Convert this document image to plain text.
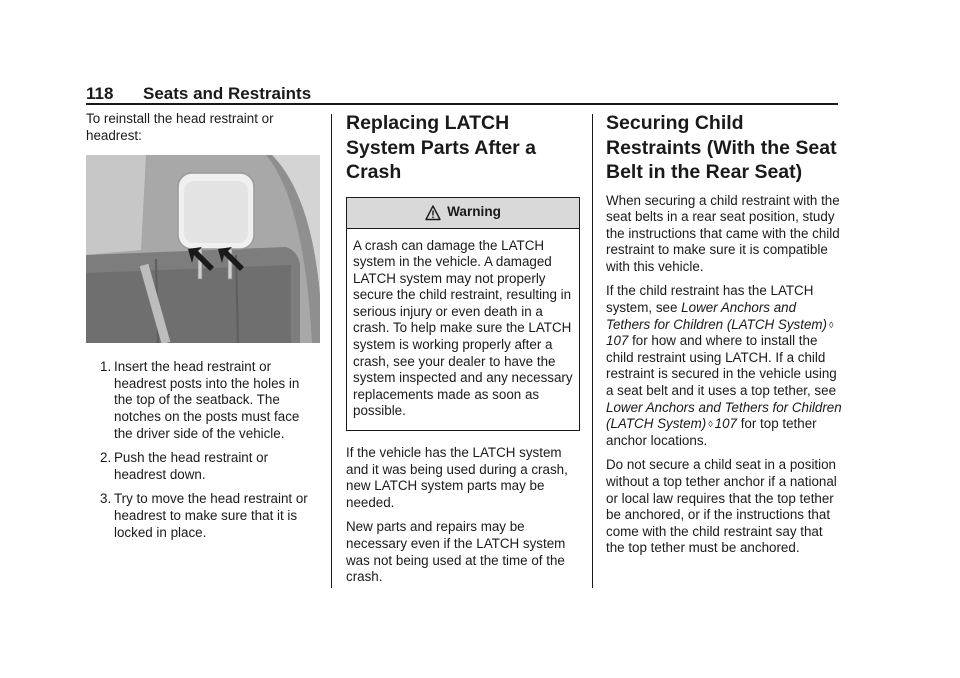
118 Seats and Restraints

To reinstall the head restraint or headrest:

1. Insert the head restraint or headrest posts into the holes in the top of the seatback. The notches on the posts must face the driver side of the vehicle.
2. Push the head restraint or headrest down.
3. Try to move the head restraint or headrest to make sure that it is locked in place.
Replacing LATCH System Parts After a Crash
Warning
A crash can damage the LATCH system in the vehicle. A damaged LATCH system may not properly secure the child restraint, resulting in serious injury or even death in a crash. To help make sure the LATCH system is working properly after a crash, see your dealer to have the system inspected and any necessary replacements made as soon as possible.

If the vehicle has the LATCH system and it was being used during a crash, new LATCH system parts may be needed.

New parts and repairs may be necessary even if the LATCH system was not being used at the time of the crash.

Securing Child Restraints (With the Seat Belt in the Rear Seat)

When securing a child restraint with the seat belts in a rear seat position, study the instructions that came with the child restraint to make sure it is compatible with this vehicle.

If the child restraint has the LATCH system, see Lower Anchors and Tethers for Children (LATCH System) ◊107 for how and where to install the child restraint using LATCH. If a child restraint is secured in the vehicle using a seat belt and it uses a top tether, see Lower Anchors and Tethers for Children (LATCH System) ◊ 107 for top tether anchor locations.

Do not secure a child seat in a position without a top tether anchor if a national or local law requires that the top tether be anchored, or if the instructions that come with the child restraint say that the top tether must be anchored.
